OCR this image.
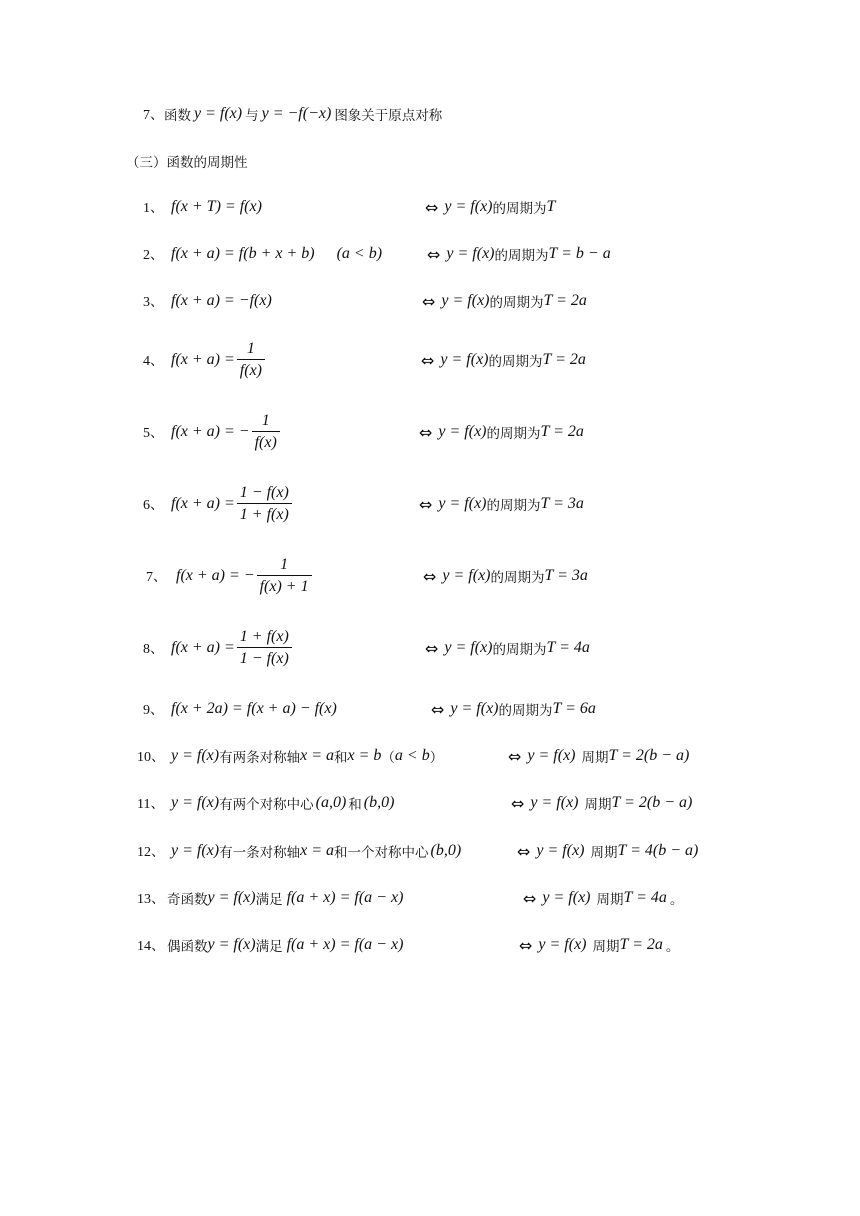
7、 函数 y = f(x) 与 y = −f(−x) 图象关于原点对称
（三）函数的周期性
1、 f(x + T) = f(x)	⇔ y = f(x) 的周期为 T
2、 f(x + a) = f(b + x + b) (a < b)	⇔ y = f(x) 的周期为 T = b − a
3、 f(x + a) = −f(x)	⇔ y = f(x) 的周期为 T = 2a
4、 $f(x + a) = \frac{1}{f(x)}$	⇔ y = f(x) 的周期为 T = 2a
5、 f(x + a) = − $\frac{1}{f(x)}$	⇔ y = f(x) 的周期为 T = 2a
6、 $f(x + a) = \frac{1 - f(x)}{1 + f(x)}$	⇔ y = f(x) 的周期为 T = 3a
7、 f(x + a) = − $\frac{1}{f(x) + 1}$	⇔ y = f(x) 的周期为 T = 3a
8、 $f(x + a) = \frac{1 + f(x)}{1 - f(x)}$	⇔ y = f(x) 的周期为 T = 4a
9、 f(x + 2a) = f(x + a) − f(x)	⇔ y = f(x) 的周期为 T = 6a
10、 y = f(x) 有两条对称轴 x = a 和 x = b （ a < b ）	⇔ y = f(x) 周期 T = 2(b − a)
11、 y = f(x) 有两个对称中心 (a,0) 和 (b,0)	⇔ y = f(x) 周期 T = 2(b − a)
12、 y = f(x) 有一条对称轴 x = a 和一个对称中心 (b,0)	⇔ y = f(x) 周期 T = 4(b − a)
13、 奇函数 y = f(x) 满足 f(a + x) = f(a − x)	⇔ y = f(x) 周期 T = 4a 。
14、 偶函数 y = f(x) 满足 f(a + x) = f(a − x)	⇔ y = f(x) 周期 T = 2a 。
